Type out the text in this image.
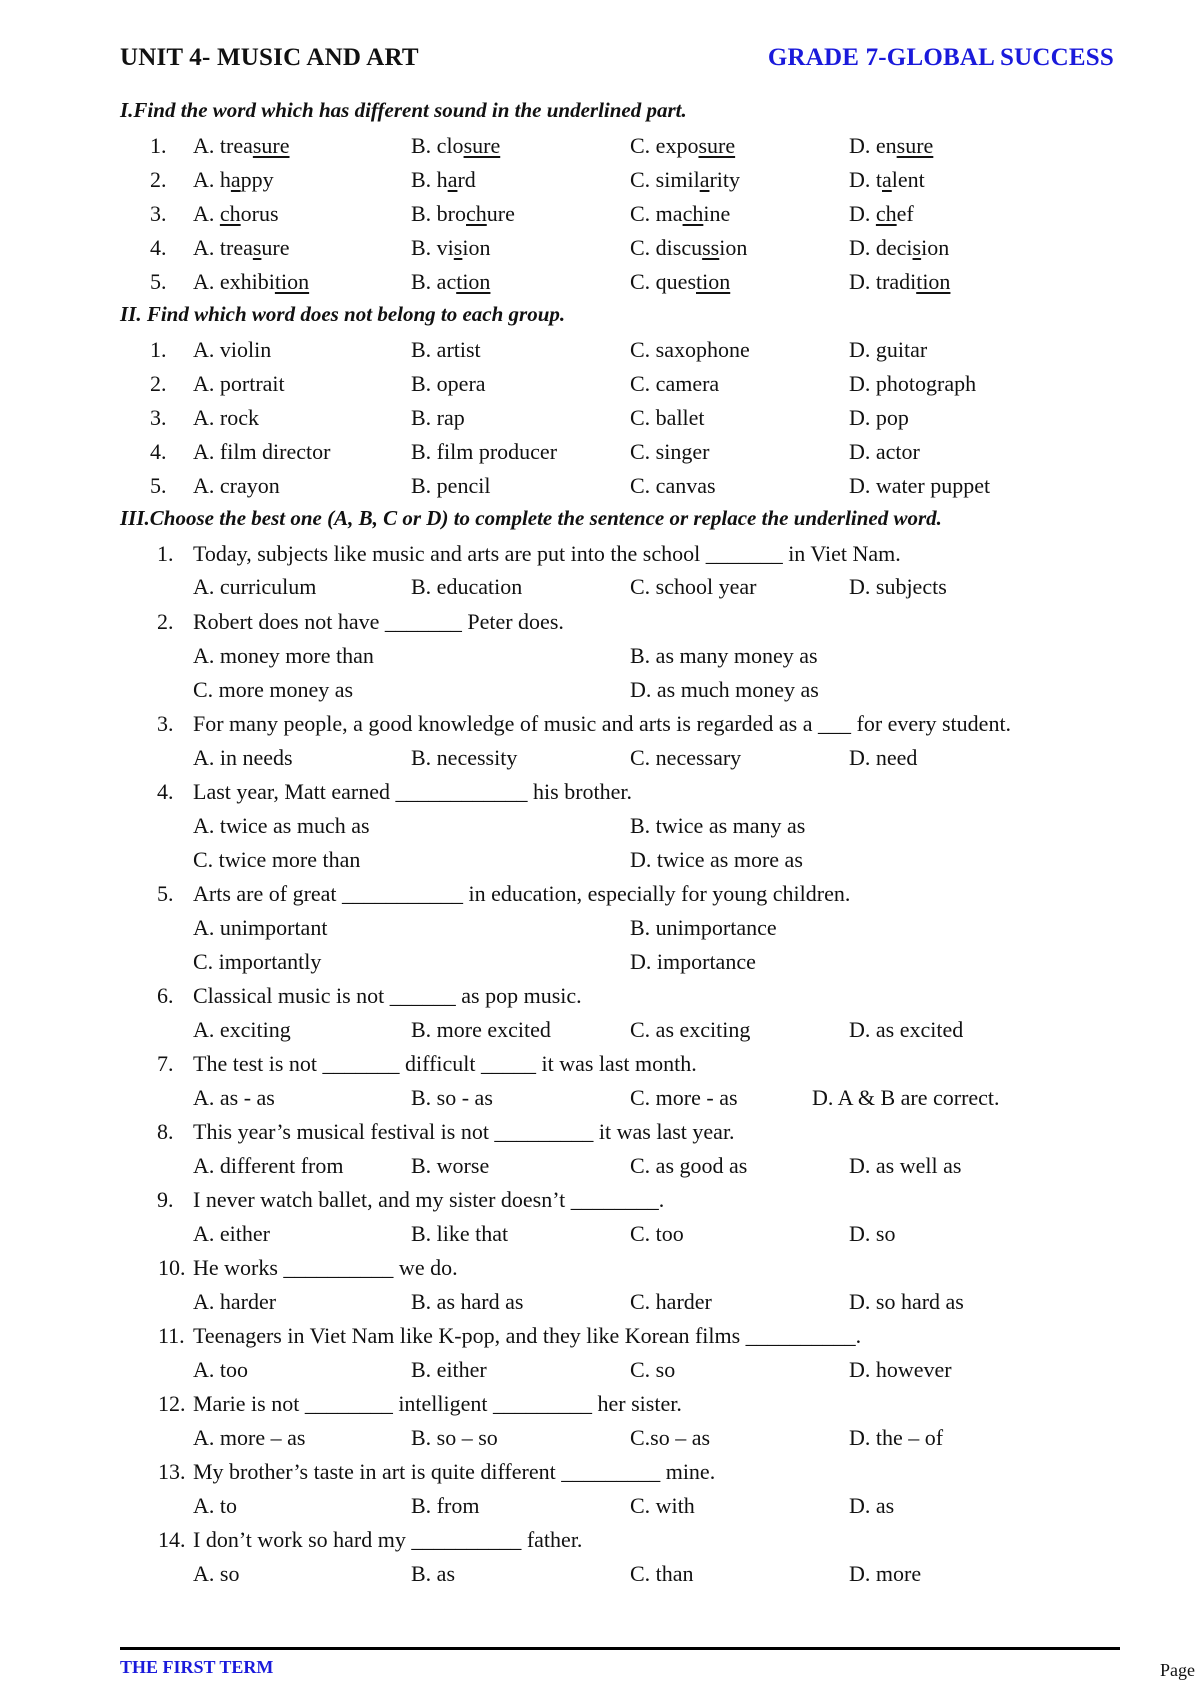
UNIT 4- MUSIC AND ART	GRADE 7-GLOBAL SUCCESS
I.Find the word which has different sound in the underlined part.
1. A. treasure	B. closure	C. exposure	D. ensure
2. A. happy	B. hard	C. similarity	D. talent
3. A. chorus	B. brochure	C. machine	D. chef
4. A. treasure	B. vision	C. discussion	D. decision
5. A. exhibition	B. action	C. question	D. tradition
II. Find which word does not belong to each group.
1. A. violin	B. artist	C. saxophone	D. guitar
2. A. portrait	B. opera	C. camera	D. photograph
3. A. rock	B. rap	C. ballet	D. pop
4. A. film director	B. film producer	C. singer	D. actor
5. A. crayon	B. pencil	C. canvas	D. water puppet
III.Choose the best one (A, B, C or D) to complete the sentence or replace the underlined word.
1. Today, subjects like music and arts are put into the school _______ in Viet Nam.
A. curriculum	B. education	C. school year	D. subjects
2. Robert does not have _______ Peter does.
A. money more than	B. as many money as
C. more money as	D. as much money as
3. For many people, a good knowledge of music and arts is regarded as a ___ for every student.
A. in needs	B. necessity	C. necessary	D. need
4. Last year, Matt earned ____________ his brother.
A. twice as much as	B. twice as many as
C. twice more than	D. twice as more as
5. Arts are of great ___________ in education, especially for young children.
A. unimportant	B. unimportance
C. importantly	D. importance
6. Classical music is not ______ as pop music.
A. exciting	B. more excited	C. as exciting	D. as excited
7. The test is not _______ difficult _____ it was last month.
A. as - as	B. so - as	C. more - as	D. A & B are correct.
8. This year’s musical festival is not _________ it was last year.
A. different from	B. worse	C. as good as	D. as well as
9. I never watch ballet, and my sister doesn’t ________.
A. either	B. like that	C. too	D. so
10. He works __________ we do.
A. harder	B. as hard as	C. harder	D. so hard as
11. Teenagers in Viet Nam like K-pop, and they like Korean films __________.
A. too	B. either	C. so	D. however
12. Marie is not ________ intelligent _________ her sister.
A. more – as	B. so – so	C.so – as	D. the – of
13. My brother’s taste in art is quite different _________ mine.
A. to	B. from	C. with	D. as
14. I don’t work so hard my __________ father.
A. so	B. as	C. than	D. more
THE FIRST TERM	Page
